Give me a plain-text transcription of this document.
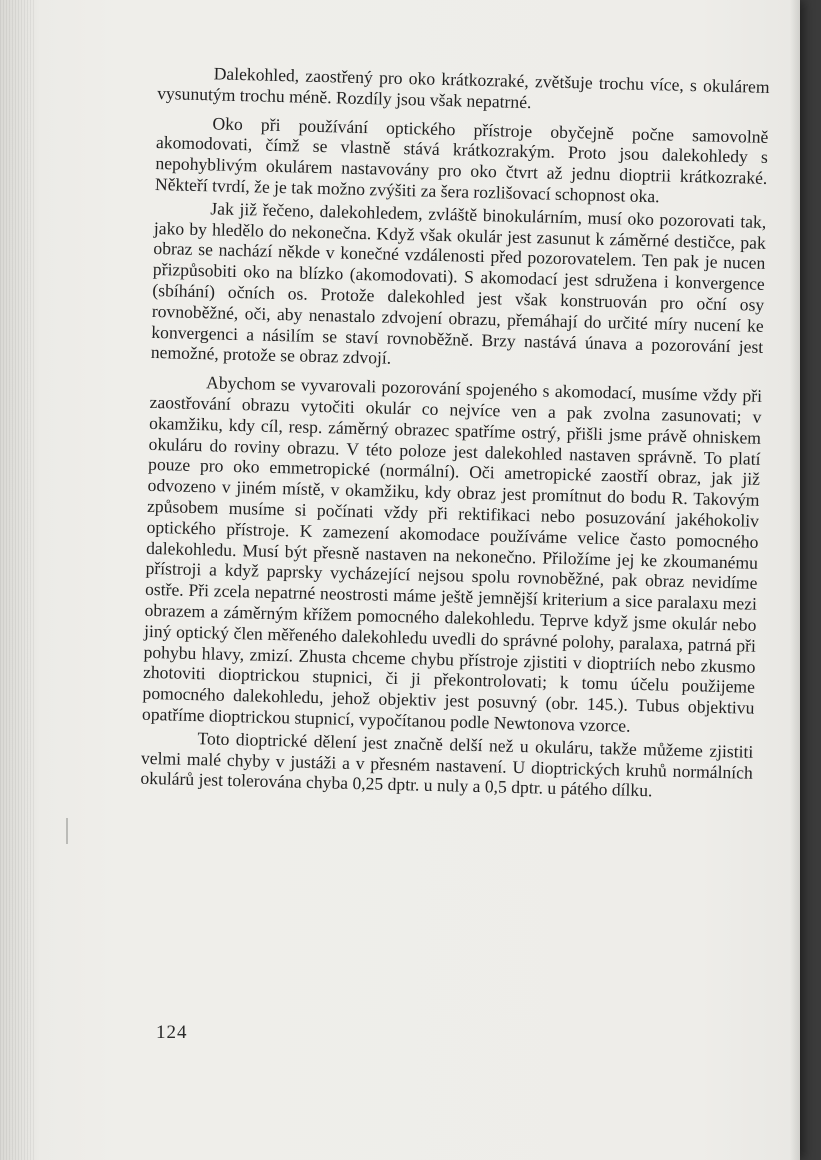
Dalekohled, zaostřený pro oko krátkozraké, zvětšuje trochu více, s okulárem vysunutým trochu méně. Rozdíly jsou však nepatrné.

Oko při používání optického přístroje obyčejně počne samovolně akomodovati, čímž se vlastně stává krátkozrakým. Proto jsou dalekohledy s nepohyblivým okulárem nastavovány pro oko čtvrt až jednu dioptrii krátkozraké. Někteří tvrdí, že je tak možno zvýšiti za šera rozlišovací schopnost oka.

Jak již řečeno, dalekohledem, zvláště binokulárním, musí oko pozorovati tak, jako by hledělo do nekonečna. Když však okulár jest zasunut k záměrné destičce, pak obraz se nachází někde v konečné vzdálenosti před pozorovatelem. Ten pak je nucen přizpůsobiti oko na blízko (akomodovati). S akomodací jest sdružena i konvergence (sbíhání) očních os. Protože dalekohled jest však konstruován pro oční osy rovnoběžné, oči, aby nenastalo zdvojení obrazu, přemáhají do určité míry nucení ke konvergenci a násilím se staví rovnoběžně. Brzy nastává únava a pozorování jest nemožné, protože se obraz zdvojí.

Abychom se vyvarovali pozorování spojeného s akomodací, musíme vždy při zaostřování obrazu vytočiti okulár co nejvíce ven a pak zvolna zasunovati; v okamžiku, kdy cíl, resp. záměrný obrazec spatříme ostrý, přišli jsme právě ohniskem okuláru do roviny obrazu. V této poloze jest dalekohled nastaven správně. To platí pouze pro oko emmetropické (normální). Oči ametropické zaostří obraz, jak již odvozeno v jiném místě, v okamžiku, kdy obraz jest promítnut do bodu R. Takovým způsobem musíme si počínati vždy při rektifikaci nebo posuzování jakéhokoliv optického přístroje. K zamezení akomodace používáme velice často pomocného dalekohledu. Musí být přesně nastaven na nekonečno. Přiložíme jej ke zkoumanému přístroji a když paprsky vycházející nejsou spolu rovnoběžné, pak obraz nevidíme ostře. Při zcela nepatrné neostrosti máme ještě jemnější kriterium a sice paralaxu mezi obrazem a záměrným křížem pomocného dalekohledu. Teprve když jsme okulár nebo jiný optický člen měřeného dalekohledu uvedli do správné polohy, paralaxa, patrná při pohybu hlavy, zmizí. Zhusta chceme chybu přístroje zjistiti v dioptriích nebo zkusmo zhotoviti dioptrickou stupnici, či ji překontrolovati; k tomu účelu použijeme pomocného dalekohledu, jehož objektiv jest posuvný (obr. 145.). Tubus objektivu opatříme dioptrickou stupnicí, vypočítanou podle Newtonova vzorce.

Toto dioptrické dělení jest značně delší než u okuláru, takže můžeme zjistiti velmi malé chyby v justáži a v přesném nastavení. U dioptrických kruhů normálních okulárů jest tolerována chyba 0,25 dptr. u nuly a 0,5 dptr. u pátého dílku.

124
